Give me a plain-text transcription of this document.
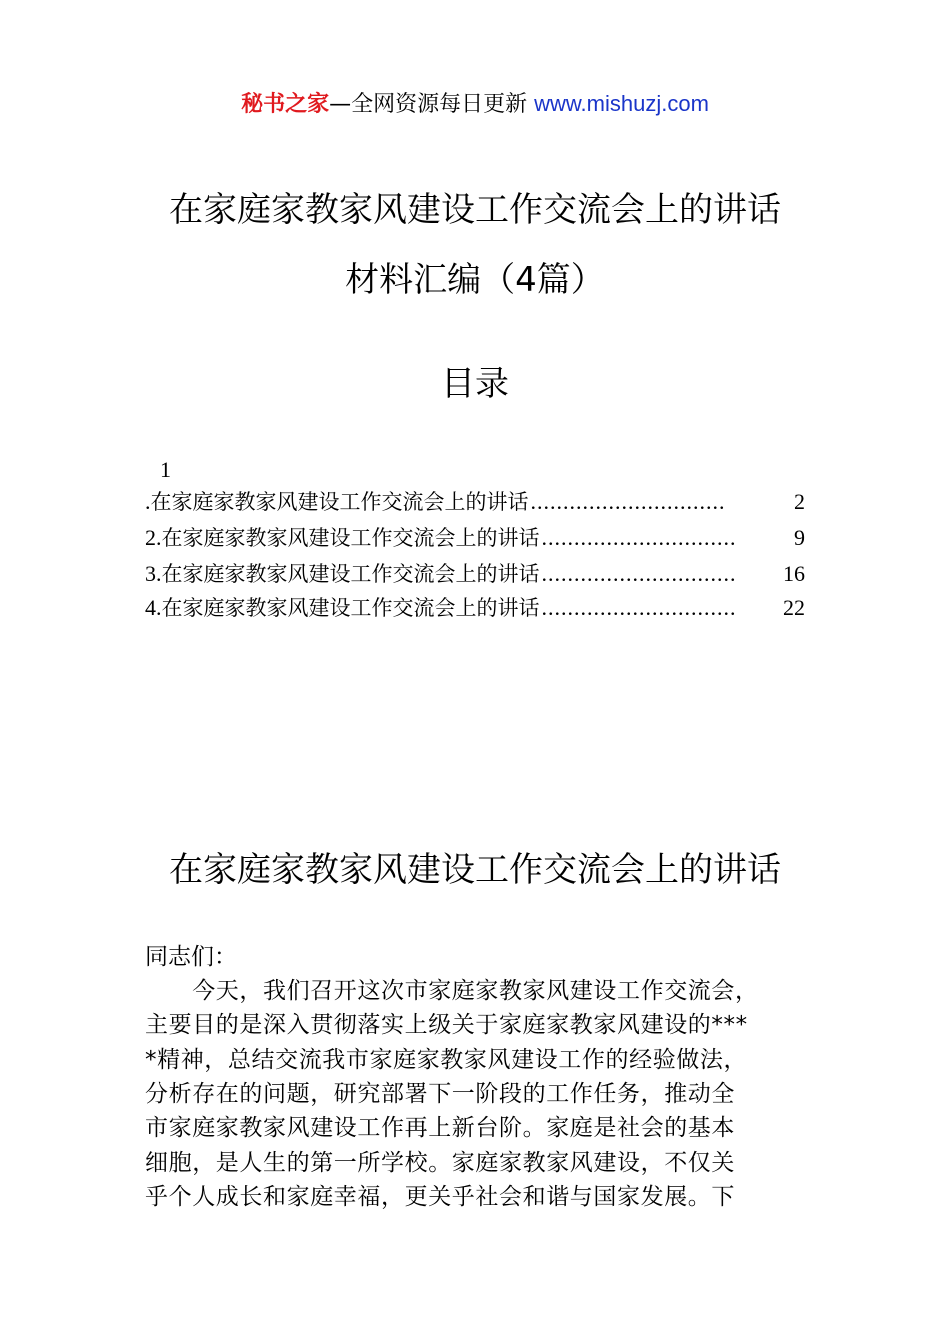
秘书之家—全网资源每日更新 www.mishuzj.com
在家庭家教家风建设工作交流会上的讲话
材料汇编（4篇）
目录
1
. 在家庭家教家风建设工作交流会上的讲话 ..............................	2
2. 在家庭家教家风建设工作交流会上的讲话 ..............................	9
3. 在家庭家教家风建设工作交流会上的讲话 ..............................	16
4. 在家庭家教家风建设工作交流会上的讲话 ..............................	22
在家庭家教家风建设工作交流会上的讲话
同志们：
　　今天，我们召开这次市家庭家教家风建设工作交流会，
主要目的是深入贯彻落实上级关于家庭家教家风建设的***
*精神，总结交流我市家庭家教家风建设工作的经验做法，
分析存在的问题，研究部署下一阶段的工作任务，推动全
市家庭家教家风建设工作再上新台阶。家庭是社会的基本
细胞，是人生的第一所学校。家庭家教家风建设，不仅关
乎个人成长和家庭幸福，更关乎社会和谐与国家发展。下
